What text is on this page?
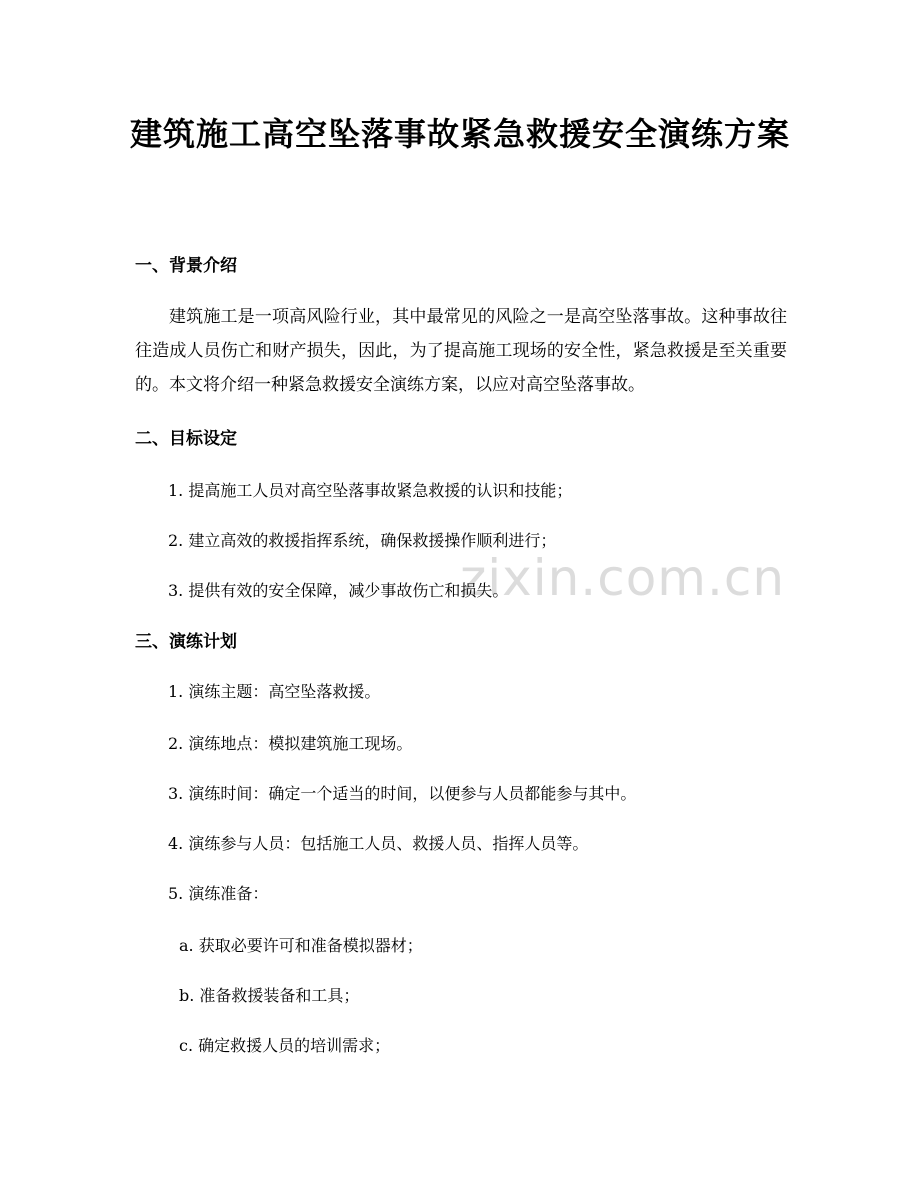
建筑施工高空坠落事故紧急救援安全演练方案
zixin.com.cn
一、背景介绍

建筑施工是一项高风险行业，其中最常见的风险之一是高空坠落事故。这种事故往往造成人员伤亡和财产损失，因此，为了提高施工现场的安全性，紧急救援是至关重要的。本文将介绍一种紧急救援安全演练方案，以应对高空坠落事故。

二、目标设定

1. 提高施工人员对高空坠落事故紧急救援的认识和技能；

2. 建立高效的救援指挥系统，确保救援操作顺利进行；

3. 提供有效的安全保障，减少事故伤亡和损失。

三、演练计划

1. 演练主题：高空坠落救援。

2. 演练地点：模拟建筑施工现场。

3. 演练时间：确定一个适当的时间，以便参与人员都能参与其中。

4. 演练参与人员：包括施工人员、救援人员、指挥人员等。

5. 演练准备：

a. 获取必要许可和准备模拟器材；

b. 准备救援装备和工具；

c. 确定救援人员的培训需求；
